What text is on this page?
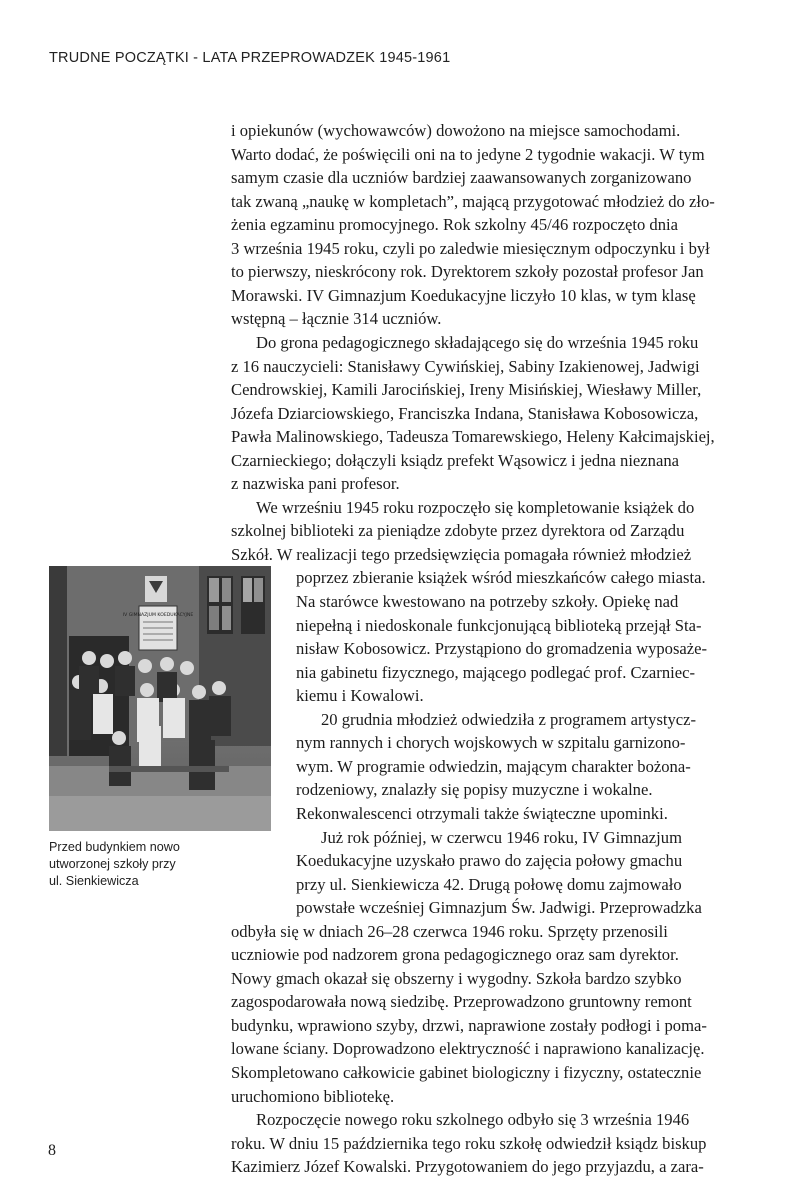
TRUDNE POCZĄTKI - LATA PRZEPROWADZEK 1945-1961
i opiekunów (wychowawców) dowożono na miejsce samochodami.
Warto dodać, że poświęcili oni na to jedyne 2 tygodnie wakacji. W tym
samym czasie dla uczniów bardziej zaawansowanych zorganizowano
tak zwaną „naukę w kompletach”, mającą przygotować młodzież do zło-
żenia egzaminu promocyjnego. Rok szkolny 45/46 rozpoczęto dnia
3 września 1945 roku, czyli po zaledwie miesięcznym odpoczynku i był
to pierwszy, nieskrócony rok. Dyrektorem szkoły pozostał profesor Jan
Morawski. IV Gimnazjum Koedukacyjne liczyło 10 klas, w tym klasę
wstępną – łącznie 314 uczniów.
Do grona pedagogicznego składającego się do września 1945 roku
z 16 nauczycieli: Stanisławy Cywińskiej, Sabiny Izakienowej, Jadwigi
Cendrowskiej, Kamili Jarocińskiej, Ireny Misińskiej, Wiesławy Miller,
Józefa Dziarciowskiego, Franciszka Indana, Stanisława Kobosowicza,
Pawła Malinowskiego, Tadeusza Tomarewskiego, Heleny Kałcimajskiej,
Czarnieckiego; dołączyli ksiądz prefekt Wąsowicz i jedna nieznana
z nazwiska pani profesor.
We wrześniu 1945 roku rozpoczęło się kompletowanie książek do
szkolnej biblioteki za pieniądze zdobyte przez dyrektora od Zarządu
Szkół. W realizacji tego przedsięwzięcia pomagała również młodzież
poprzez zbieranie książek wśród mieszkańców całego miasta.
Na starówce kwestowano na potrzeby szkoły. Opiekę nad
niepełną i niedoskonale funkcjonującą biblioteką przejął Sta-
nisław Kobosowicz. Przystąpiono do gromadzenia wyposaże-
nia gabinetu fizycznego, mającego podlegać prof. Czarniec-
kiemu i Kowalowi.
20 grudnia młodzież odwiedziła z programem artystycz-
nym rannych i chorych wojskowych w szpitalu garnizono-
wym. W programie odwiedzin, mającym charakter bożona-
rodzeniowy, znalazły się popisy muzyczne i wokalne.
Rekonwalescenci otrzymali także świąteczne upominki.
Już rok później, w czerwcu 1946 roku, IV Gimnazjum
Koedukacyjne uzyskało prawo do zajęcia połowy gmachu
przy ul. Sienkiewicza 42. Drugą połowę domu zajmowało
powstałe wcześniej Gimnazjum Św. Jadwigi. Przeprowadzka
odbyła się w dniach 26–28 czerwca 1946 roku. Sprzęty przenosili
uczniowie pod nadzorem grona pedagogicznego oraz sam dyrektor.
Nowy gmach okazał się obszerny i wygodny. Szkoła bardzo szybko
zagospodarowała nową siedzibę. Przeprowadzono gruntowny remont
budynku, wprawiono szyby, drzwi, naprawione zostały podłogi i poma-
lowane ściany. Doprowadzono elektryczność i naprawiono kanalizację.
Skompletowano całkowicie gabinet biologiczny i fizyczny, ostatecznie
uruchomiono bibliotekę.
Rozpoczęcie nowego roku szkolnego odbyło się 3 września 1946
roku. W dniu 15 października tego roku szkołę odwiedził ksiądz biskup
Kazimierz Józef Kowalski. Przygotowaniem do jego przyjazdu, a zara-
IV GIMNAZJUM KOEDUKACYJNE
Przed budynkiem nowo
utworzonej szkoły przy
ul. Sienkiewicza
8
